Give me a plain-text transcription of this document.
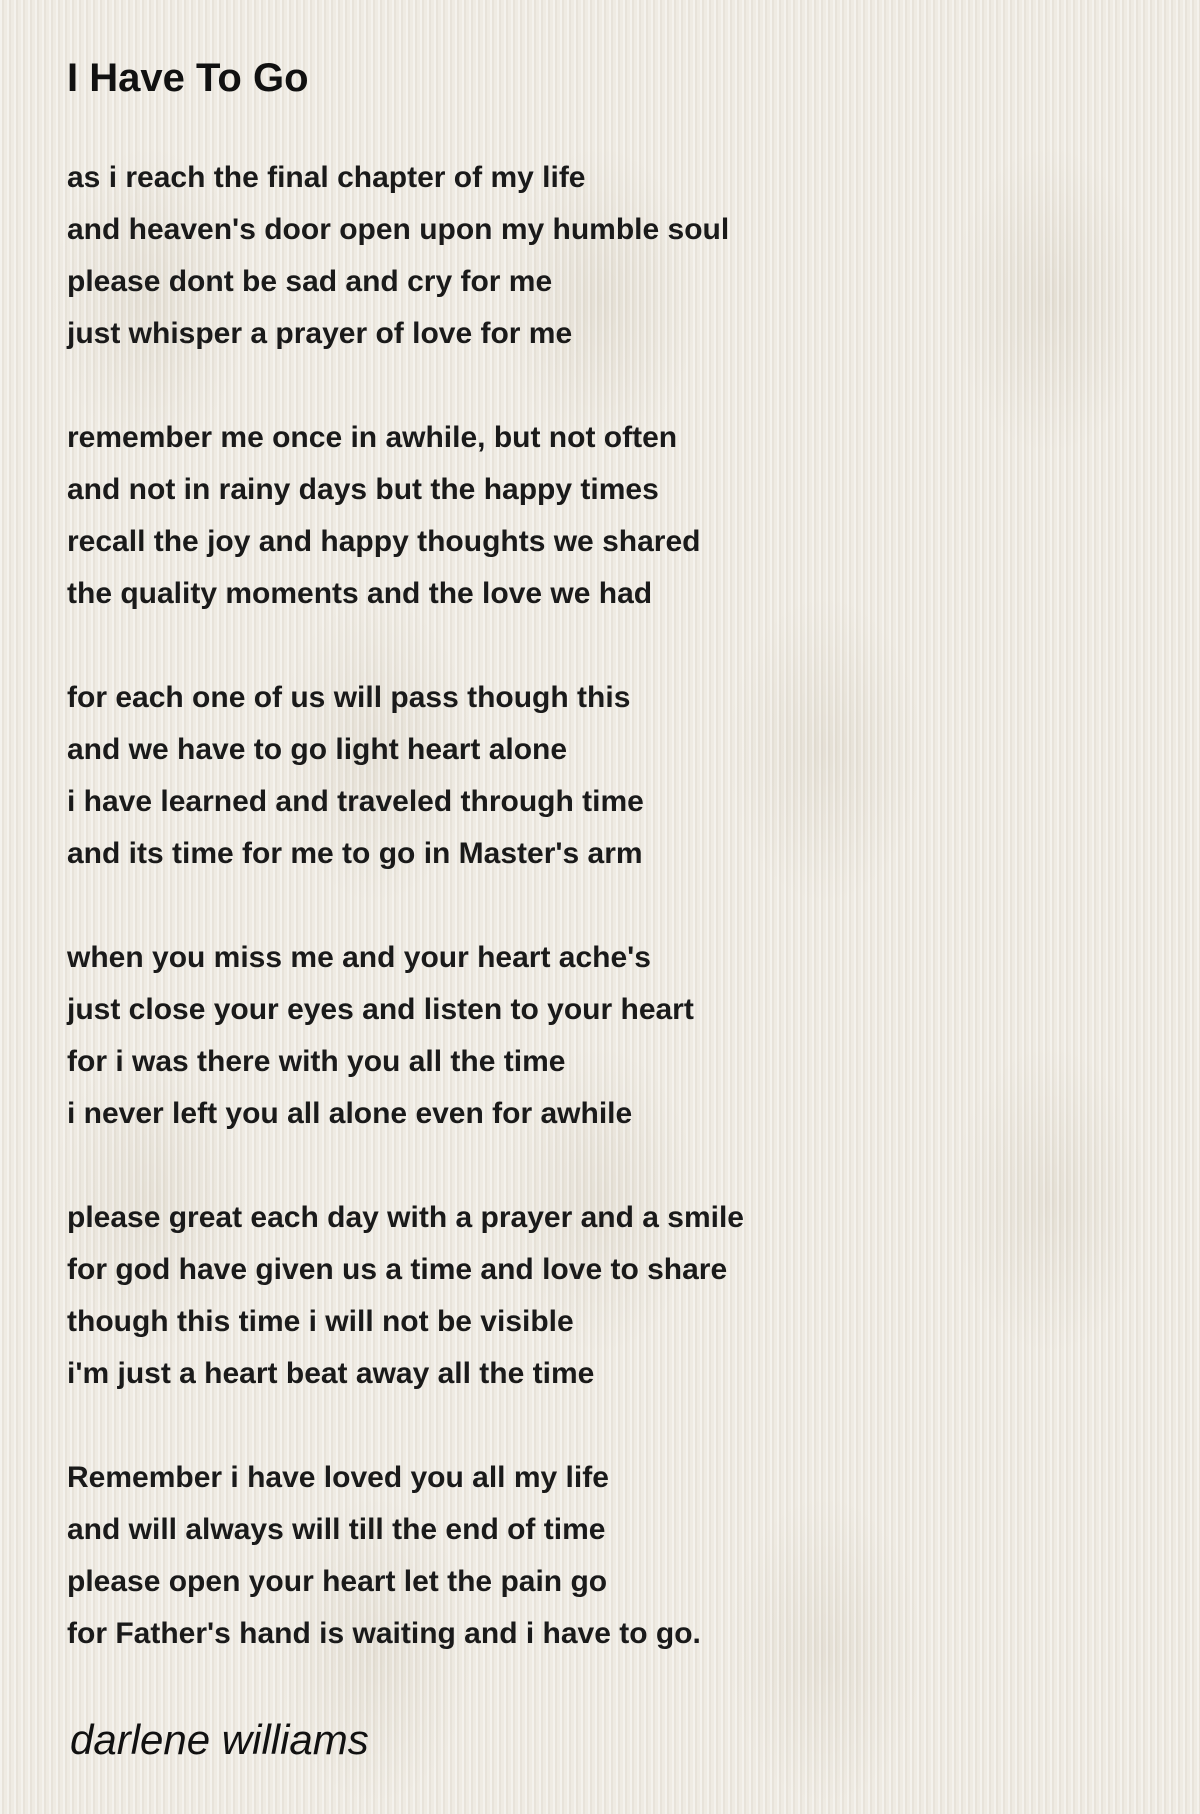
I Have To Go
as i reach the final chapter of my life
and heaven's door open upon my humble soul
please dont be sad and cry for me
just whisper a prayer of love for me
remember me once in awhile, but not often
and not in rainy days but the happy times
recall the joy and happy thoughts we shared
the quality moments and the love we had
for each one of us will pass though this
and we have to go light heart alone
i have learned and traveled through time
and its time for me to go in Master's arm
when you miss me and your heart ache's
just close your eyes and listen to your heart
for i was there with you all the time
i never left you all alone even for awhile
please great each day with a prayer and a smile
for god have given us a time and love to share
though this time i will not be visible
i'm just a heart beat away all the time
Remember i have loved you all my life
and will always will till the end of time
please open your heart let the pain go
for Father's hand is waiting and i have to go.
darlene williams
